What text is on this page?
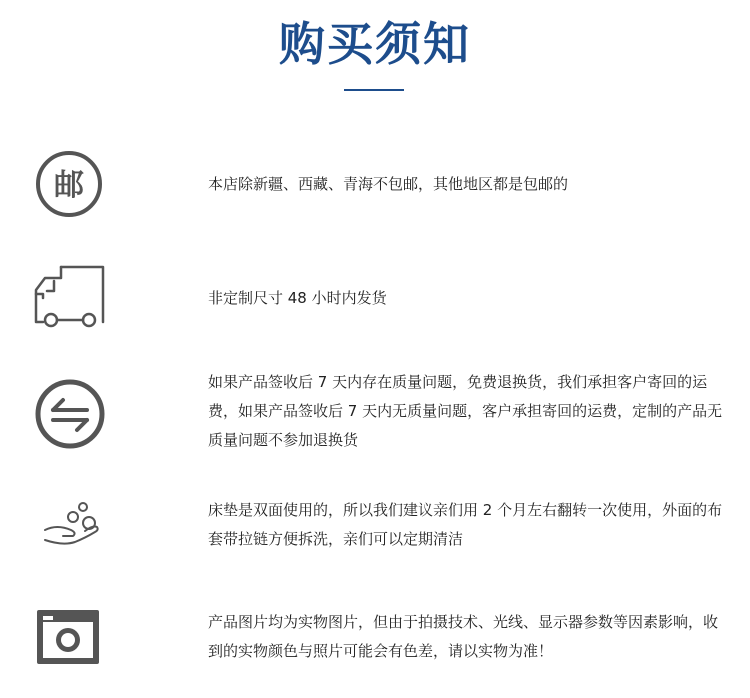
购买须知
邮	本店除新疆、西藏、青海不包邮，其他地区都是包邮的
非定制尺寸 48 小时内发货
如果产品签收后 7 天内存在质量问题，免费退换货，我们承担客户寄回的运费，如果产品签收后 7 天内无质量问题，客户承担寄回的运费，定制的产品无质量问题不参加退换货
床垫是双面使用的，所以我们建议亲们用 2 个月左右翻转一次使用，外面的布套带拉链方便拆洗，亲们可以定期清洁
产品图片均为实物图片，但由于拍摄技术、光线、显示器参数等因素影响，收到的实物颜色与照片可能会有色差，请以实物为准！
